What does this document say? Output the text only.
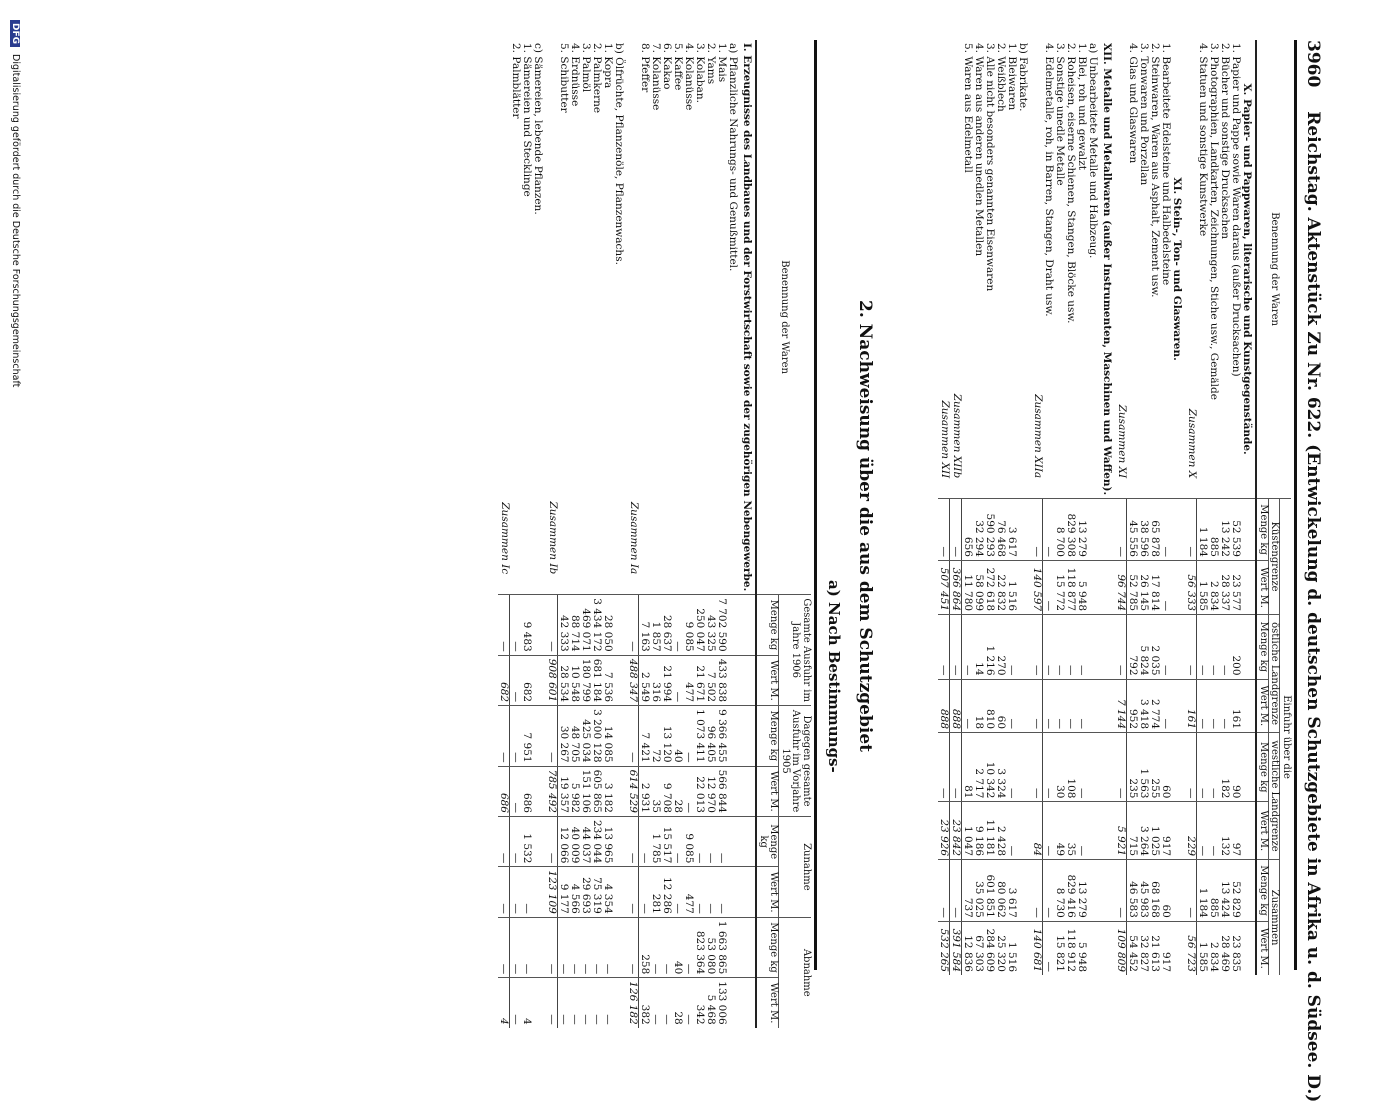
3960 Reichstag. Aktenstück Zu Nr. 622. (Entwickelung d. deutschen Schutzgebiete in Afrika u. d. Südsee. D.)
Benennung der Waren	Einfuhr über die							
	Küstengrenze		östliche Landgrenze		westliche Landgrenze		Zusammen	
	Menge kg	Wert M.	Menge kg	Wert M.	Menge kg	Wert M.	Menge kg	Wert M.
X. Papier- und Pappwaren, literarische und Kunstgegenstände.								
1. Papier und Pappe sowie Waren daraus (außer Drucksachen)	52 539	23 577	200	161	90	97	52 829	23 835
2. Bücher und sonstige Drucksachen	13 242	28 337	—	—	182	132	13 424	28 469
3. Photographien, Landkarten, Zeichnungen, Stiche usw., Gemälde	885	2 834	—	—	—	—	885	2 834
4. Statuen und sonstige Kunstwerke	1 184	1 585	—	—	—	—	1 184	1 585
Zusammen X	—	56 333	—	161	—	229	—	56 723
XI. Stein-, Ton- und Glaswaren.								
1. Bearbeitete Edelsteine und Halbedelsteine	—	—	—	—	60	917	60	917
2. Steinwaren, Waren aus Asphalt, Zement usw.	65 878	17 814	2 035	2 774	255	1 025	68 168	21 613
3. Tonwaren und Porzellan	38 596	26 145	5 824	3 418	1 563	3 264	45 983	32 827
4. Glas und Glaswaren	45 556	52 785	792	952	235	715	46 583	54 452
Zusammen XI	—	96 744	—	7 144	—	5 921	—	109 809
XII. Metalle und Metallwaren (außer Instrumenten, Maschinen und Waffen).								
a) Unbearbeitete Metalle und Halbzeug.								
1. Blei, roh und gewalzt	13 279	5 948	—	—	—	—	13 279	5 948
2. Roheisen, eiserne Schienen, Stangen, Blöcke usw.	829 308	118 877	—	—	108	35	829 416	118 912
3. Sonstige unedle Metalle	8 700	15 772	—	—	30	49	8 730	15 821
4. Edelmetalle, roh, in Barren, Stangen, Draht usw.	—	—	—	—	—	—	—	—
Zusammen XIIa	—	140 597	—	—	—	84	—	140 681
b) Fabrikate.								
1. Bleiwaren	3 617	1 516	—	—	—	—	3 617	1 516
2. Weißblech	76 468	22 832	270	60	3 324	2 428	80 062	25 320
3. Alle nicht besonders genannten Eisenwaren	590 293	272 618	1 216	810	10 342	11 181	601 851	284 609
4. Waren aus anderen unedlen Metallen	32 294	58 099	14	18	2 717	9 186	35 025	67 303
5. Waren aus Edelmetall	656	11 780	—	—	81	1 047	737	12 836
Zusammen XIIb	—	366 864	—	888	—	23 842	—	391 584
Zusammen XII	—	507 451	—	888	—	23 926	—	532 265
2. Nachweisung über die aus dem Schutzgebiet
a) Nach Bestimmungs-
Benennung der Waren	Gesamte Ausfuhr im Jahre 1906		Dagegen gesamte Ausfuhr im Vorjahre 1905		Zunahme		Abnahme	
	Menge kg	Wert M.	Menge kg	Wert M.	Menge kg	Wert M.	Menge kg	Wert M.
I. Erzeugnisse des Landbaues und der Forstwirtschaft sowie der zugehörigen Nebengewerbe.								
a) Pflanzliche Nahrungs- und Genußmittel.								
1. Mais	7 702 590	433 838	9 366 455	566 844	—	—	1 663 865	133 006
2. Yams	43 325	7 502	96 405	12 970	—	—	53 080	5 468
3. Kolaban.	250 047	21 671	1 073 411	22 013	—	—	823 364	342
4. Kolanüsse	9 085	477	—	—	9 085	477	—	—
5. Kaffee	—	—	40	28	—	—	40	28
6. Kakao	28 637	21 994	13 120	9 708	15 517	12 286	—	—
7. Kolanüsse	1 857	316	72	35	1 785	281	—	—
8. Pfeffer	7 163	2 549	7 421	2 931	—	—	258	382
Zusammen Ia	—	488 347	—	614 529	—	—	—	126 182
b) Ölfrüchte, Pflanzenöle, Pflanzenwachs.								
1. Kopra	28 050	7 536	14 085	3 182	13 965	4 354	—	—
2. Palmkerne	3 434 172	681 184	3 200 128	605 865	234 044	75 319	—	—
3. Palmöl	469 071	180 799	425 034	151 106	44 037	29 693	—	—
4. Erdnüsse	88 714	10 548	48 705	5 982	40 009	4 566	—	—
5. Schibutter	42 333	28 534	30 267	19 357	12 066	9 177	—	—
Zusammen Ib	—	908 601	—	785 492	—	123 109	—	—
c) Sämereien, lebende Pflanzen.								
1. Sämereien und Stecklinge	9 483	682	7 951	686	1 532	—	—	4
2. Palmblätter	—	—	—	—	—	—	—	—
Zusammen Ic	—	682	—	686	—	—	—	4
DFG Digitalisierung gefördert durch die Deutsche Forschungsgemeinschaft
